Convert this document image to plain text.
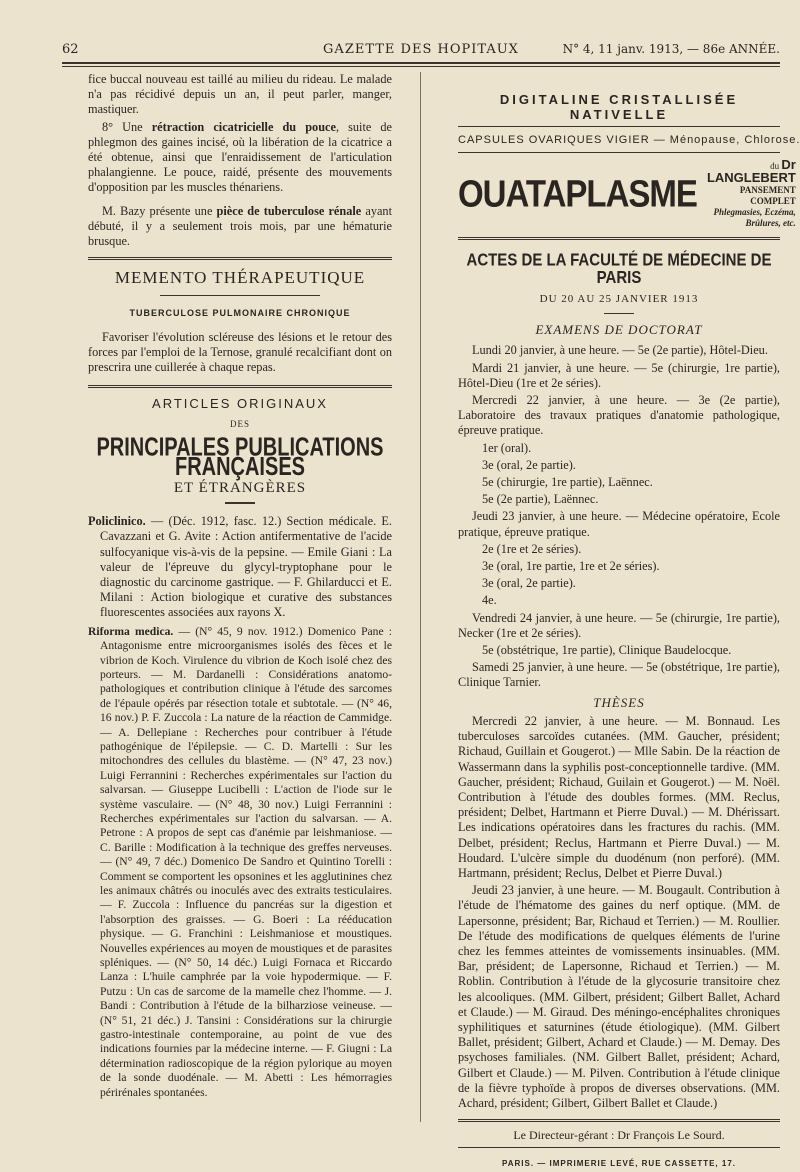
62	GAZETTE DES HOPITAUX	N° 4, 11 janv. 1913, — 86e ANNÉE.

fice buccal nouveau est taillé au milieu du rideau. Le malade n'a pas récidivé depuis un an, il peut parler, manger, mastiquer.

8° Une rétraction cicatricielle du pouce, suite de phlegmon des gaines incisé, où la libération de la cicatrice a été obtenue, ainsi que l'enraidissement de l'articulation phalangienne. Le pouce, raidé, présente des mouvements d'opposition par les muscles thénariens.

M. Bazy présente une pièce de tuberculose rénale ayant débuté, il y a seulement trois mois, par une hématurie brusque.

MEMENTO THÉRAPEUTIQUE
TUBERCULOSE PULMONAIRE CHRONIQUE

Favoriser l'évolution scléreuse des lésions et le retour des forces par l'emploi de la Ternose, granulé recalcifiant dont on prescrira une cuillerée à chaque repas.

ARTICLES ORIGINAUX
DES
PRINCIPALES PUBLICATIONS FRANÇAISES
ET ÉTRANGÈRES

Policlinico. — (Déc. 1912, fasc. 12.) Section médicale. E. Cavazzani et G. Avite : Action antifermentative de l'acide sulfocyanique vis-à-vis de la pepsine. — Emile Giani : La valeur de l'épreuve du glycyl-tryptophane pour le diagnostic du carcinome gastrique. — F. Ghilarducci et E. Milani : Action biologique et curative des substances fluorescentes associées aux rayons X.

Riforma medica. — (N° 45, 9 nov. 1912.) Domenico Pane : Antagonisme entre microorganismes isolés des fèces et le vibrion de Koch. Virulence du vibrion de Koch isolé chez des porteurs. — M. Dardanelli : Considérations anatomo-pathologiques et contribution clinique à l'étude des sarcomes de l'épaule opérés par résection totale et subtotale. — (N° 46, 16 nov.) P. F. Zuccola : La nature de la réaction de Cammidge. — A. Dellepiane : Recherches pour contribuer à l'étude pathogénique de l'épilepsie. — C. D. Martelli : Sur les mitochondres des cellules du blastème. — (N° 47, 23 nov.) Luigi Ferrannini : Recherches expérimentales sur l'action du salvarsan. — Giuseppe Lucibelli : L'action de l'iode sur le système vasculaire. — (N° 48, 30 nov.) Luigi Ferrannini : Recherches expérimentales sur l'action du salvarsan. — A. Petrone : A propos de sept cas d'anémie par leishmaniose. — C. Barille : Modification à la technique des greffes nerveuses. — (N° 49, 7 déc.) Domenico De Sandro et Quintino Torelli : Comment se comportent les opsonines et les agglutinines chez les animaux châtrés ou inoculés avec des extraits testiculaires. — F. Zuccola : Influence du pancréas sur la digestion et l'absorption des graisses. — G. Boeri : La rééducation physique. — G. Franchini : Leishmaniose et moustiques. Nouvelles expériences au moyen de moustiques et de parasites spléniques. — (N° 50, 14 déc.) Luigi Fornaca et Riccardo Lanza : L'huile camphrée par la voie hypodermique. — F. Putzu : Un cas de sarcome de la mamelle chez l'homme. — J. Bandi : Contribution à l'étude de la bilharziose veineuse. — (N° 51, 21 déc.) J. Tansini : Considérations sur la chirurgie gastro-intestinale contemporaine, au point de vue des indications fournies par la médecine interne. — F. Giugni : La détermination radioscopique de la région pylorique au moyen de la sonde duodénale. — M. Abetti : Les hémorragies périrénales spontanées.

DIGITALINE CRISTALLISÉE NATIVELLE
CAPSULES OVARIQUES VIGIER — Ménopause, Chlorose.
OUATAPLASME
du Dr LANGLEBERT
PANSEMENT COMPLET
Phlegmasies, Eczéma, Brûlures, etc.
ACTES DE LA FACULTÉ DE MÉDECINE DE PARIS
DU 20 AU 25 JANVIER 1913
EXAMENS DE DOCTORAT

Lundi 20 janvier, à une heure. — 5e (2e partie), Hôtel-Dieu.

Mardi 21 janvier, à une heure. — 5e (chirurgie, 1re partie), Hôtel-Dieu (1re et 2e séries).

Mercredi 22 janvier, à une heure. — 3e (2e partie), Laboratoire des travaux pratiques d'anatomie pathologique, épreuve pratique.

1er (oral).

3e (oral, 2e partie).

5e (chirurgie, 1re partie), Laënnec.

5e (2e partie), Laënnec.

Jeudi 23 janvier, à une heure. — Médecine opératoire, Ecole pratique, épreuve pratique.

2e (1re et 2e séries).

3e (oral, 1re partie, 1re et 2e séries).

3e (oral, 2e partie).

4e.

Vendredi 24 janvier, à une heure. — 5e (chirurgie, 1re partie), Necker (1re et 2e séries).

5e (obstétrique, 1re partie), Clinique Baudelocque.

Samedi 25 janvier, à une heure. — 5e (obstétrique, 1re partie), Clinique Tarnier.

THÈSES

Mercredi 22 janvier, à une heure. — M. Bonnaud. Les tuberculoses sarcoïdes cutanées. (MM. Gaucher, président; Richaud, Guillain et Gougerot.) — Mlle Sabin. De la réaction de Wassermann dans la syphilis post-conceptionnelle tardive. (MM. Gaucher, président; Richaud, Guilain et Gougerot.) — M. Noël. Contribution à l'étude des doubles formes. (MM. Reclus, président; Delbet, Hartmann et Pierre Duval.) — M. Dhérissart. Les indications opératoires dans les fractures du rachis. (MM. Delbet, président; Reclus, Hartmann et Pierre Duval.) — M. Houdard. L'ulcère simple du duodénum (non perforé). (MM. Hartmann, président; Reclus, Delbet et Pierre Duval.)

Jeudi 23 janvier, à une heure. — M. Bougault. Contribution à l'étude de l'hématome des gaines du nerf optique. (MM. de Lapersonne, président; Bar, Richaud et Terrien.) — M. Roullier. De l'étude des modifications de quelques éléments de l'urine chez les femmes atteintes de vomissements insinuables. (MM. Bar, président; de Lapersonne, Richaud et Terrien.) — M. Roblin. Contribution à l'étude de la glycosurie transitoire chez les alcooliques. (MM. Gilbert, président; Gilbert Ballet, Achard et Claude.) — M. Giraud. Des méningo-encéphalites chroniques syphilitiques et saturnines (étude étiologique). (MM. Gilbert Ballet, président; Gilbert, Achard et Claude.) — M. Demay. Des psychoses familiales. (NM. Gilbert Ballet, président; Achard, Gilbert et Claude.) — M. Pilven. Contribution à l'étude clinique de la fièvre typhoïde à propos de diverses observations. (MM. Achard, président; Gilbert, Gilbert Ballet et Claude.)

Le Directeur-gérant : Dr François Le Sourd.
PARIS. — IMPRIMERIE LEVÉ, RUE CASSETTE, 17.
